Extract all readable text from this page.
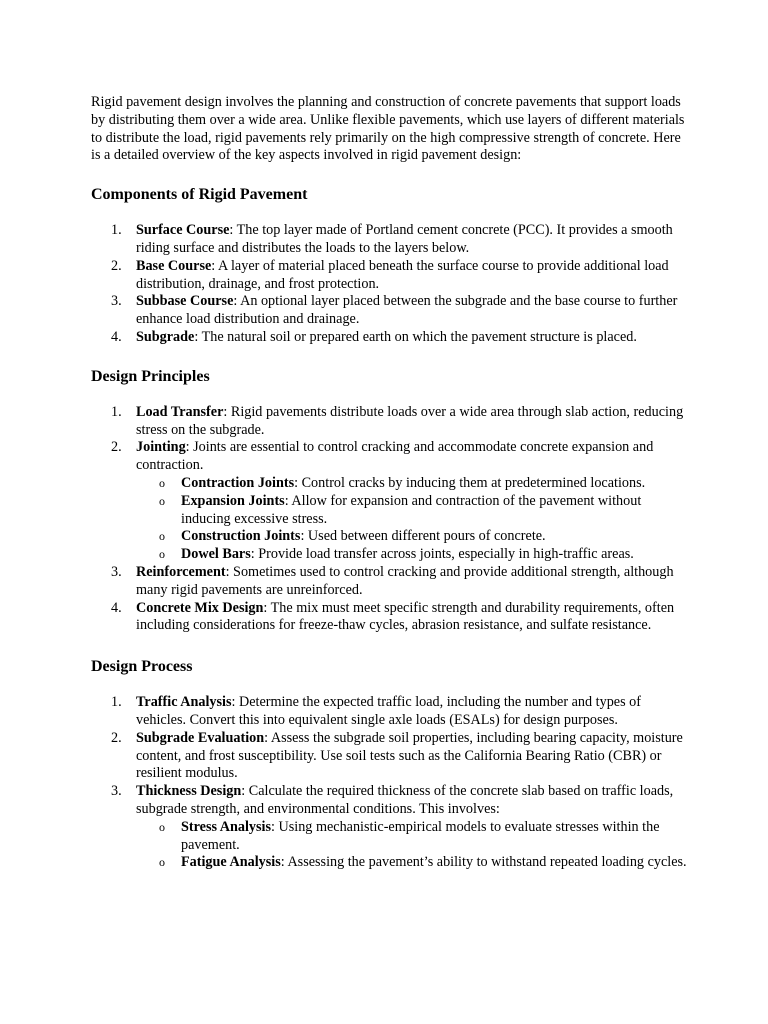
Rigid pavement design involves the planning and construction of concrete pavements that support loads by distributing them over a wide area. Unlike flexible pavements, which use layers of different materials to distribute the load, rigid pavements rely primarily on the high compressive strength of concrete. Here is a detailed overview of the key aspects involved in rigid pavement design:

Components of Rigid Pavement
1. Surface Course: The top layer made of Portland cement concrete (PCC). It provides a smooth riding surface and distributes the loads to the layers below.
2. Base Course: A layer of material placed beneath the surface course to provide additional load distribution, drainage, and frost protection.
3. Subbase Course: An optional layer placed between the subgrade and the base course to further enhance load distribution and drainage.
4. Subgrade: The natural soil or prepared earth on which the pavement structure is placed.
Design Principles
1. Load Transfer: Rigid pavements distribute loads over a wide area through slab action, reducing stress on the subgrade.
2. Jointing: Joints are essential to control cracking and accommodate concrete expansion and contraction.
o Contraction Joints: Control cracks by inducing them at predetermined locations.
o Expansion Joints: Allow for expansion and contraction of the pavement without inducing excessive stress.
o Construction Joints: Used between different pours of concrete.
o Dowel Bars: Provide load transfer across joints, especially in high-traffic areas.
3. Reinforcement: Sometimes used to control cracking and provide additional strength, although many rigid pavements are unreinforced.
4. Concrete Mix Design: The mix must meet specific strength and durability requirements, often including considerations for freeze-thaw cycles, abrasion resistance, and sulfate resistance.
Design Process
1. Traffic Analysis: Determine the expected traffic load, including the number and types of vehicles. Convert this into equivalent single axle loads (ESALs) for design purposes.
2. Subgrade Evaluation: Assess the subgrade soil properties, including bearing capacity, moisture content, and frost susceptibility. Use soil tests such as the California Bearing Ratio (CBR) or resilient modulus.
3. Thickness Design: Calculate the required thickness of the concrete slab based on traffic loads, subgrade strength, and environmental conditions. This involves:
o Stress Analysis: Using mechanistic-empirical models to evaluate stresses within the pavement.
o Fatigue Analysis: Assessing the pavement’s ability to withstand repeated loading cycles.
